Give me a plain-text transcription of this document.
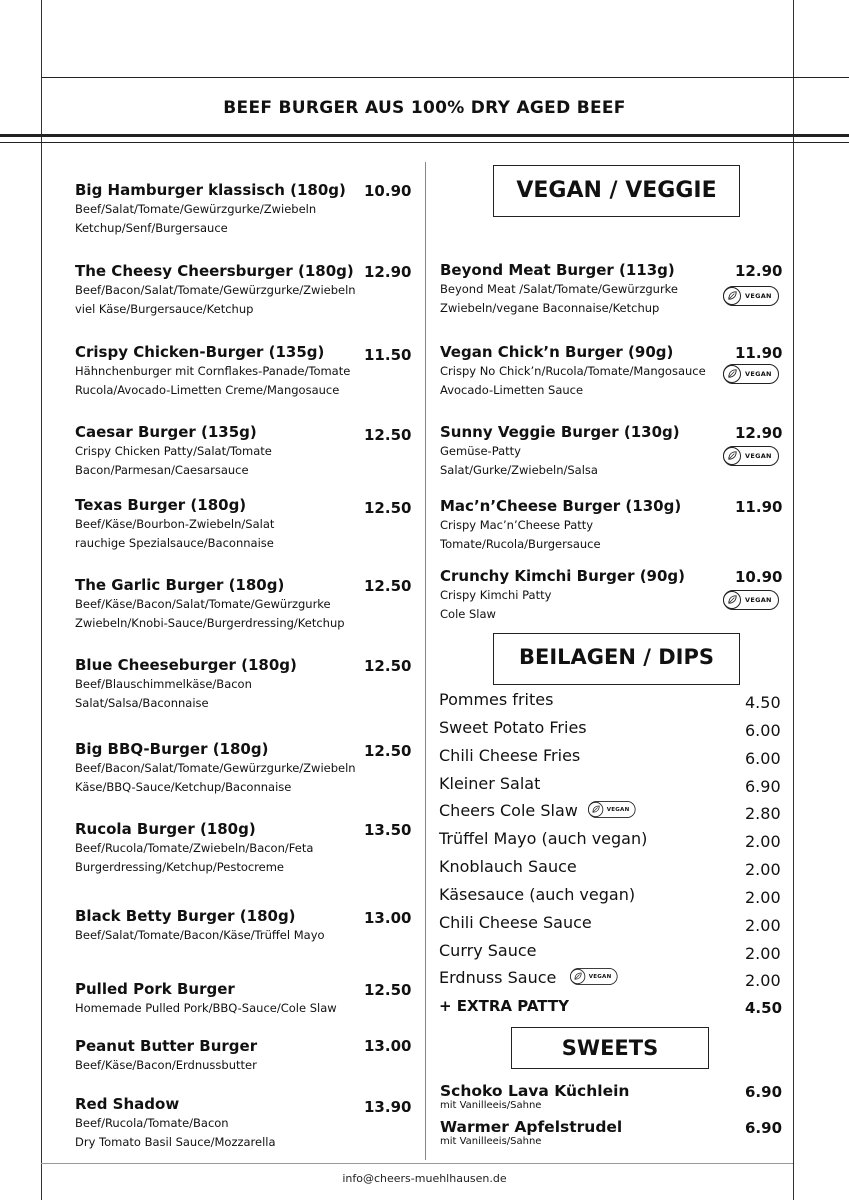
BEEF BURGER AUS 100% DRY AGED BEEF
Big Hamburger klassisch (180g)
Beef/Salat/Tomate/Gewürzgurke/Zwiebeln
Ketchup/Senf/Burgersauce
10.90
The Cheesy Cheersburger (180g)
Beef/Bacon/Salat/Tomate/Gewürzgurke/Zwiebeln
viel Käse/Burgersauce/Ketchup
12.90
Crispy Chicken-Burger (135g)
Hähnchenburger mit Cornflakes-Panade/Tomate
Rucola/Avocado-Limetten Creme/Mangosauce
11.50
Caesar Burger (135g)
Crispy Chicken Patty/Salat/Tomate
Bacon/Parmesan/Caesarsauce
12.50
Texas Burger (180g)
Beef/Käse/Bourbon-Zwiebeln/Salat
rauchige Spezialsauce/Baconnaise
12.50
The Garlic Burger (180g)
Beef/Käse/Bacon/Salat/Tomate/Gewürzgurke
Zwiebeln/Knobi-Sauce/Burgerdressing/Ketchup
12.50
Blue Cheeseburger (180g)
Beef/Blauschimmelkäse/Bacon
Salat/Salsa/Baconnaise
12.50
Big BBQ-Burger (180g)
Beef/Bacon/Salat/Tomate/Gewürzgurke/Zwiebeln
Käse/BBQ-Sauce/Ketchup/Baconnaise
12.50
Rucola Burger (180g)
Beef/Rucola/Tomate/Zwiebeln/Bacon/Feta
Burgerdressing/Ketchup/Pestocreme
13.50
Black Betty Burger (180g)
Beef/Salat/Tomate/Bacon/Käse/Trüffel Mayo
13.00
Pulled Pork Burger
Homemade Pulled Pork/BBQ-Sauce/Cole Slaw
12.50
Peanut Butter Burger
Beef/Käse/Bacon/Erdnussbutter
13.00
Red Shadow
Beef/Rucola/Tomate/Bacon
Dry Tomato Basil Sauce/Mozzarella
13.90
VEGAN / VEGGIE
Beyond Meat Burger (113g)
Beyond Meat /Salat/Tomate/Gewürzgurke
Zwiebeln/vegane Baconnaise/Ketchup
12.90
Vegan Chick’n Burger (90g)
Crispy No Chick’n/Rucola/Tomate/Mangosauce
Avocado-Limetten Sauce
11.90
Sunny Veggie Burger (130g)
Gemüse-Patty
Salat/Gurke/Zwiebeln/Salsa
12.90
Mac’n’Cheese Burger (130g)
Crispy Mac’n’Cheese Patty
Tomate/Rucola/Burgersauce
11.90
Crunchy Kimchi Burger (90g)
Crispy Kimchi Patty
Cole Slaw
10.90
VEGAN
VEGAN
VEGAN
VEGAN
BEILAGEN / DIPS
Pommes frites	4.50
Sweet Potato Fries	6.00
Chili Cheese Fries	6.00
Kleiner Salat	6.90
Cheers Cole Slaw	2.80
Trüffel Mayo (auch vegan)	2.00
Knoblauch Sauce	2.00
Käsesauce (auch vegan)	2.00
Chili Cheese Sauce	2.00
Curry Sauce	2.00
Erdnuss Sauce	2.00
+ EXTRA PATTY	4.50
VEGAN
VEGAN
SWEETS
Schoko Lava Küchlein
mit Vanilleeis/Sahne
6.90
Warmer Apfelstrudel
mit Vanilleeis/Sahne
6.90
info@cheers-muehlhausen.de
